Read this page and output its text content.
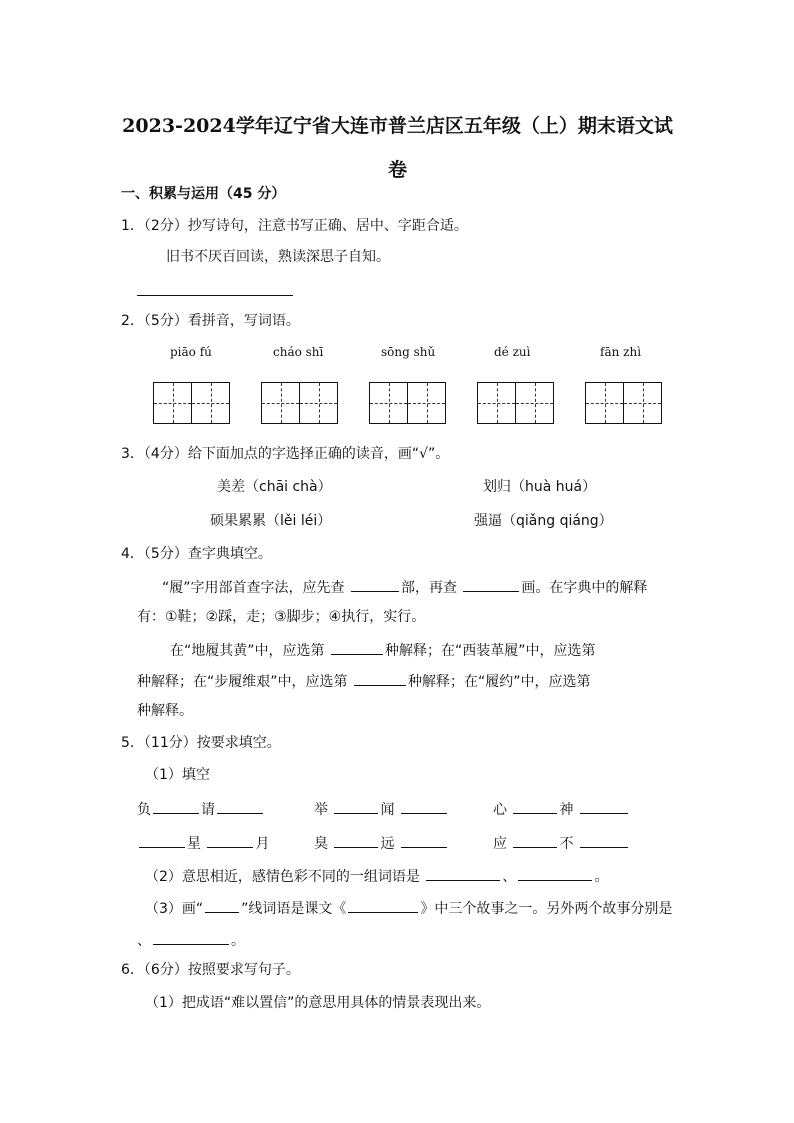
2023-2024学年辽宁省大连市普兰店区五年级（上）期末语文试
卷
一、积累与运用（45 分）
1．（2分）抄写诗句，注意书写正确、居中、字距合适。
旧书不厌百回读，熟读深思子自知。
2．（5分）看拼音，写词语。
piāo fú	cháo shī	sōng shǔ	dé zuì	fān zhì
3．（4分）给下面加点的字选择正确的读音，画“√”。
美差（chāi chà）	划归（huà huá）
硕果累累（lěi léi）	强逼（qiǎng qiáng）
4．（5分）查字典填空。
“履”字用部首查字法，应先查	部，再查	画。在字典中的解释
有：①鞋；②踩，走；③脚步；④执行，实行。
在“地履其黄”中，应选第	种解释；在“西装革履”中，应选第
种解释；在“步履维艰”中，应选第	种解释；在“履约”中，应选第
种解释。
5．（11分）按要求填空。
（1）填空
负	请	举	闻	心	神
星	月	臭	远	应	不
（2）意思相近，感情色彩不同的一组词语是	、	。
（3）画“	”线词语是课文《	》中三个故事之一。另外两个故事分别是
、	。
6．（6分）按照要求写句子。
（1）把成语“难以置信”的意思用具体的情景表现出来。
